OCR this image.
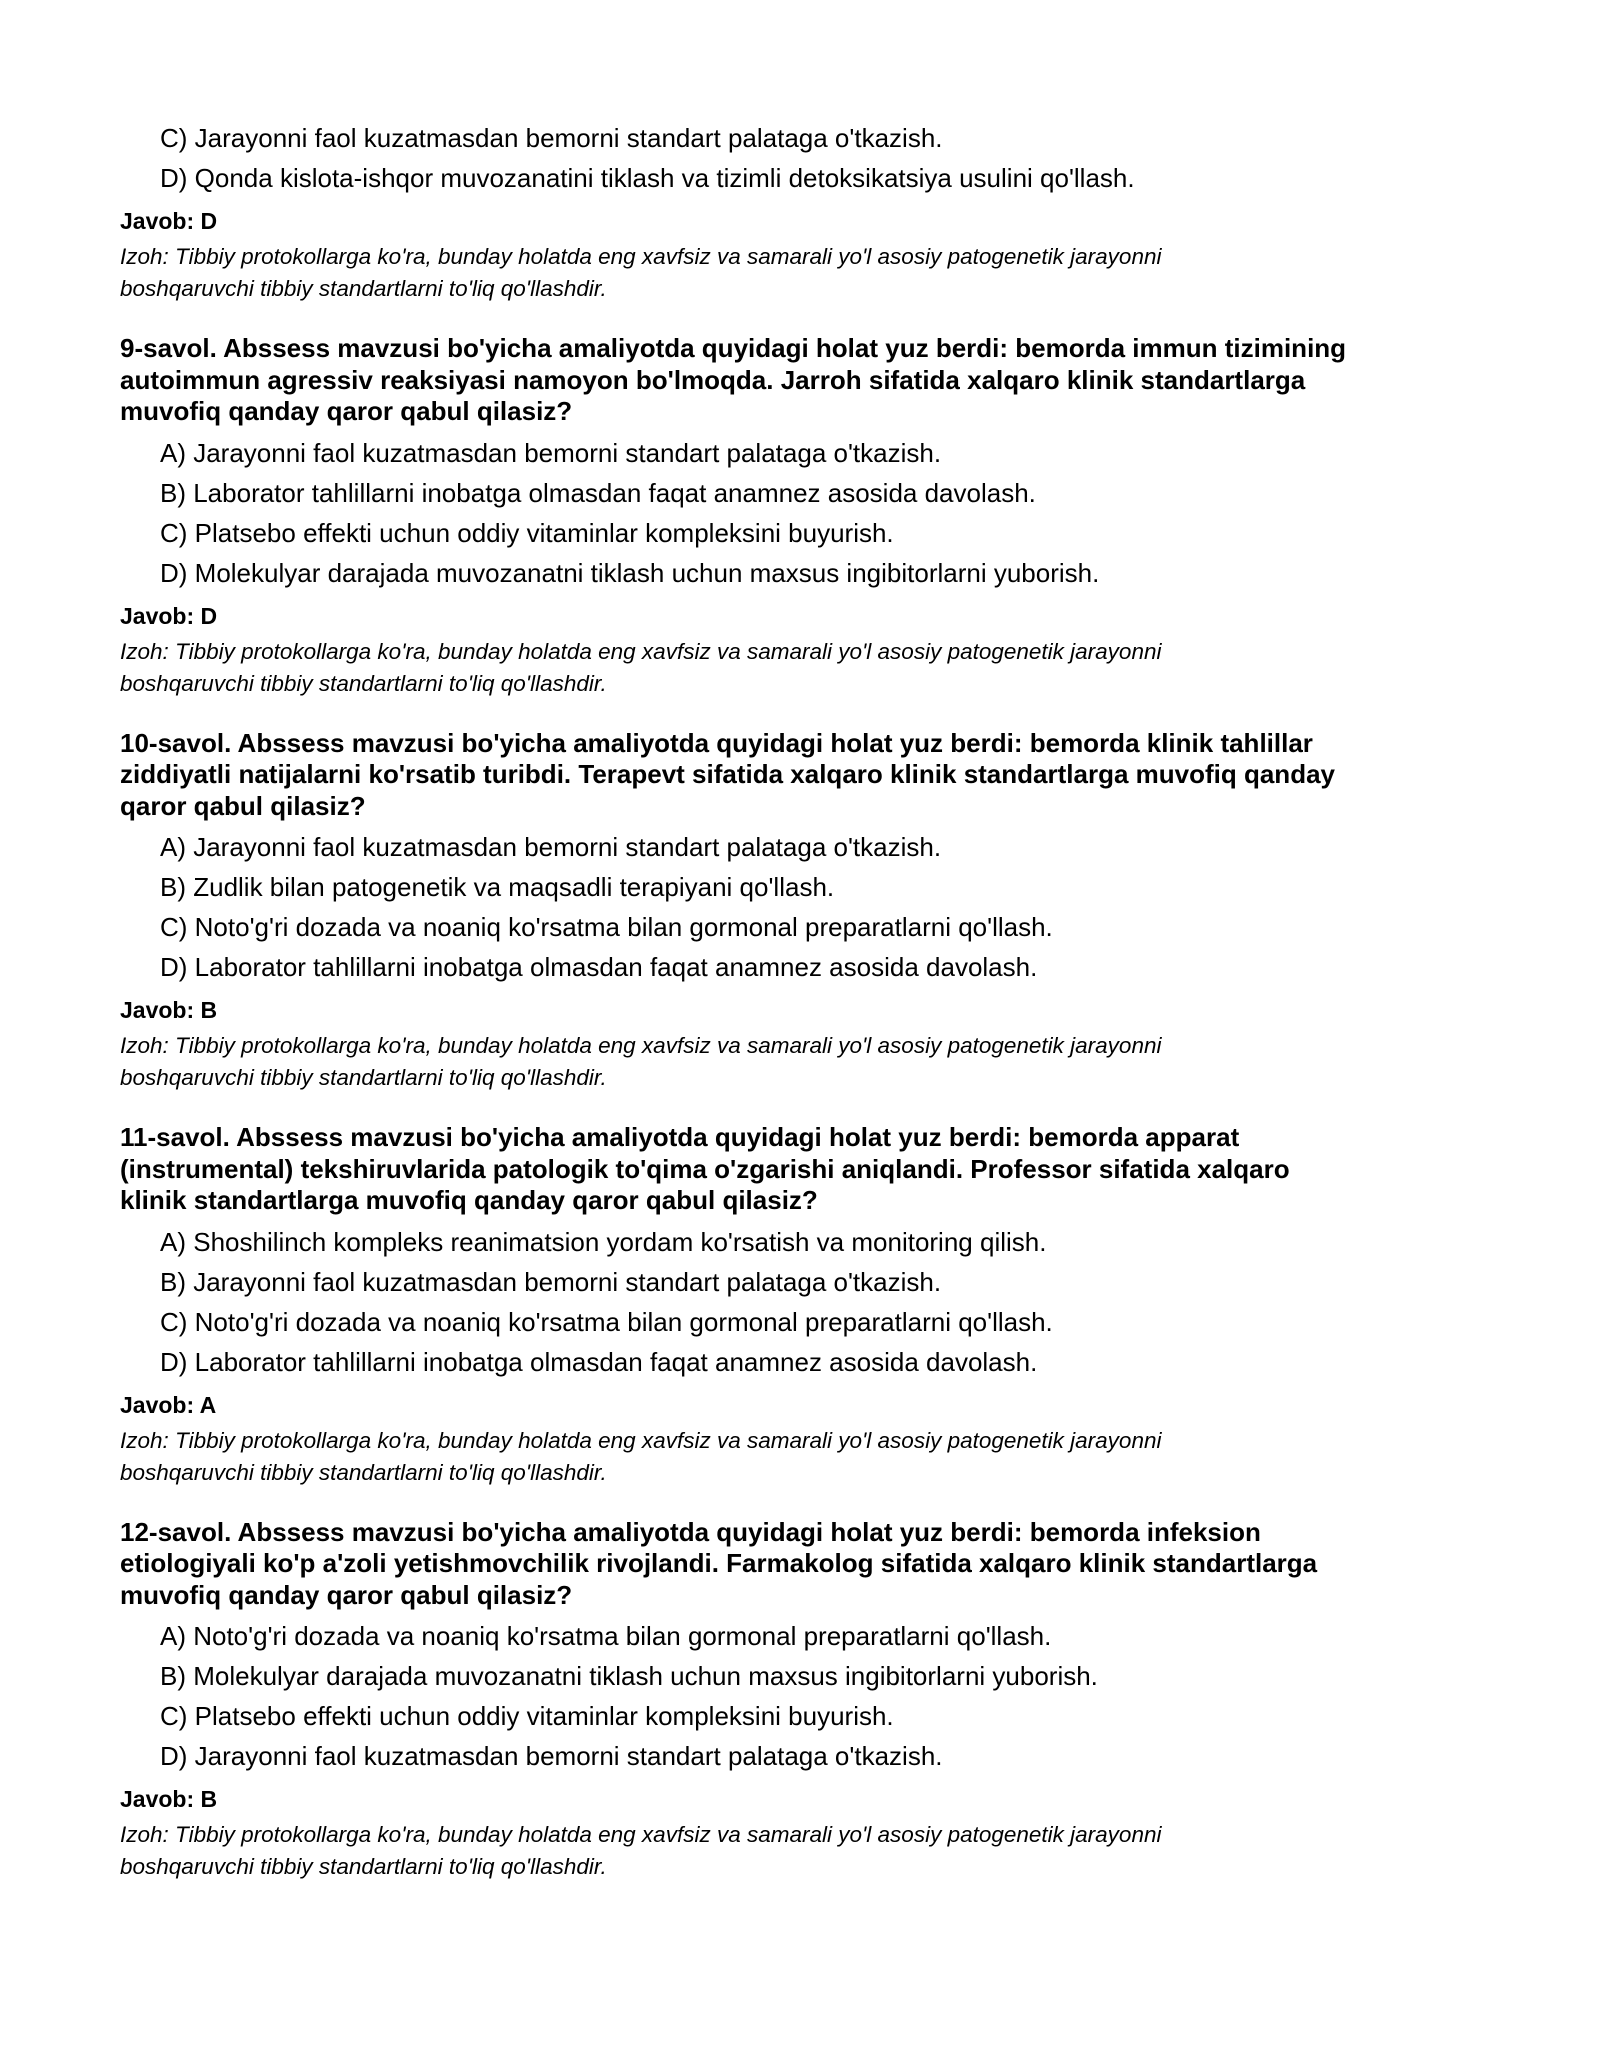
C) Jarayonni faol kuzatmasdan bemorni standart palataga o'tkazish.
D) Qonda kislota-ishqor muvozanatini tiklash va tizimli detoksikatsiya usulini qo'llash.
Javob: D
Izoh: Tibbiy protokollarga ko'ra, bunday holatda eng xavfsiz va samarali yo'l asosiy patogenetik jarayonni
boshqaruvchi tibbiy standartlarni to'liq qo'llashdir.
9-savol. Abssess mavzusi bo'yicha amaliyotda quyidagi holat yuz berdi: bemorda immun tizimining
autoimmun agressiv reaksiyasi namoyon bo'lmoqda. Jarroh sifatida xalqaro klinik standartlarga
muvofiq qanday qaror qabul qilasiz?
A) Jarayonni faol kuzatmasdan bemorni standart palataga o'tkazish.
B) Laborator tahlillarni inobatga olmasdan faqat anamnez asosida davolash.
C) Platsebo effekti uchun oddiy vitaminlar kompleksini buyurish.
D) Molekulyar darajada muvozanatni tiklash uchun maxsus ingibitorlarni yuborish.
Javob: D
Izoh: Tibbiy protokollarga ko'ra, bunday holatda eng xavfsiz va samarali yo'l asosiy patogenetik jarayonni
boshqaruvchi tibbiy standartlarni to'liq qo'llashdir.
10-savol. Abssess mavzusi bo'yicha amaliyotda quyidagi holat yuz berdi: bemorda klinik tahlillar
ziddiyatli natijalarni ko'rsatib turibdi. Terapevt sifatida xalqaro klinik standartlarga muvofiq qanday
qaror qabul qilasiz?
A) Jarayonni faol kuzatmasdan bemorni standart palataga o'tkazish.
B) Zudlik bilan patogenetik va maqsadli terapiyani qo'llash.
C) Noto'g'ri dozada va noaniq ko'rsatma bilan gormonal preparatlarni qo'llash.
D) Laborator tahlillarni inobatga olmasdan faqat anamnez asosida davolash.
Javob: B
Izoh: Tibbiy protokollarga ko'ra, bunday holatda eng xavfsiz va samarali yo'l asosiy patogenetik jarayonni
boshqaruvchi tibbiy standartlarni to'liq qo'llashdir.
11-savol. Abssess mavzusi bo'yicha amaliyotda quyidagi holat yuz berdi: bemorda apparat
(instrumental) tekshiruvlarida patologik to'qima o'zgarishi aniqlandi. Professor sifatida xalqaro
klinik standartlarga muvofiq qanday qaror qabul qilasiz?
A) Shoshilinch kompleks reanimatsion yordam ko'rsatish va monitoring qilish.
B) Jarayonni faol kuzatmasdan bemorni standart palataga o'tkazish.
C) Noto'g'ri dozada va noaniq ko'rsatma bilan gormonal preparatlarni qo'llash.
D) Laborator tahlillarni inobatga olmasdan faqat anamnez asosida davolash.
Javob: A
Izoh: Tibbiy protokollarga ko'ra, bunday holatda eng xavfsiz va samarali yo'l asosiy patogenetik jarayonni
boshqaruvchi tibbiy standartlarni to'liq qo'llashdir.
12-savol. Abssess mavzusi bo'yicha amaliyotda quyidagi holat yuz berdi: bemorda infeksion
etiologiyali ko'p a'zoli yetishmovchilik rivojlandi. Farmakolog sifatida xalqaro klinik standartlarga
muvofiq qanday qaror qabul qilasiz?
A) Noto'g'ri dozada va noaniq ko'rsatma bilan gormonal preparatlarni qo'llash.
B) Molekulyar darajada muvozanatni tiklash uchun maxsus ingibitorlarni yuborish.
C) Platsebo effekti uchun oddiy vitaminlar kompleksini buyurish.
D) Jarayonni faol kuzatmasdan bemorni standart palataga o'tkazish.
Javob: B
Izoh: Tibbiy protokollarga ko'ra, bunday holatda eng xavfsiz va samarali yo'l asosiy patogenetik jarayonni
boshqaruvchi tibbiy standartlarni to'liq qo'llashdir.
